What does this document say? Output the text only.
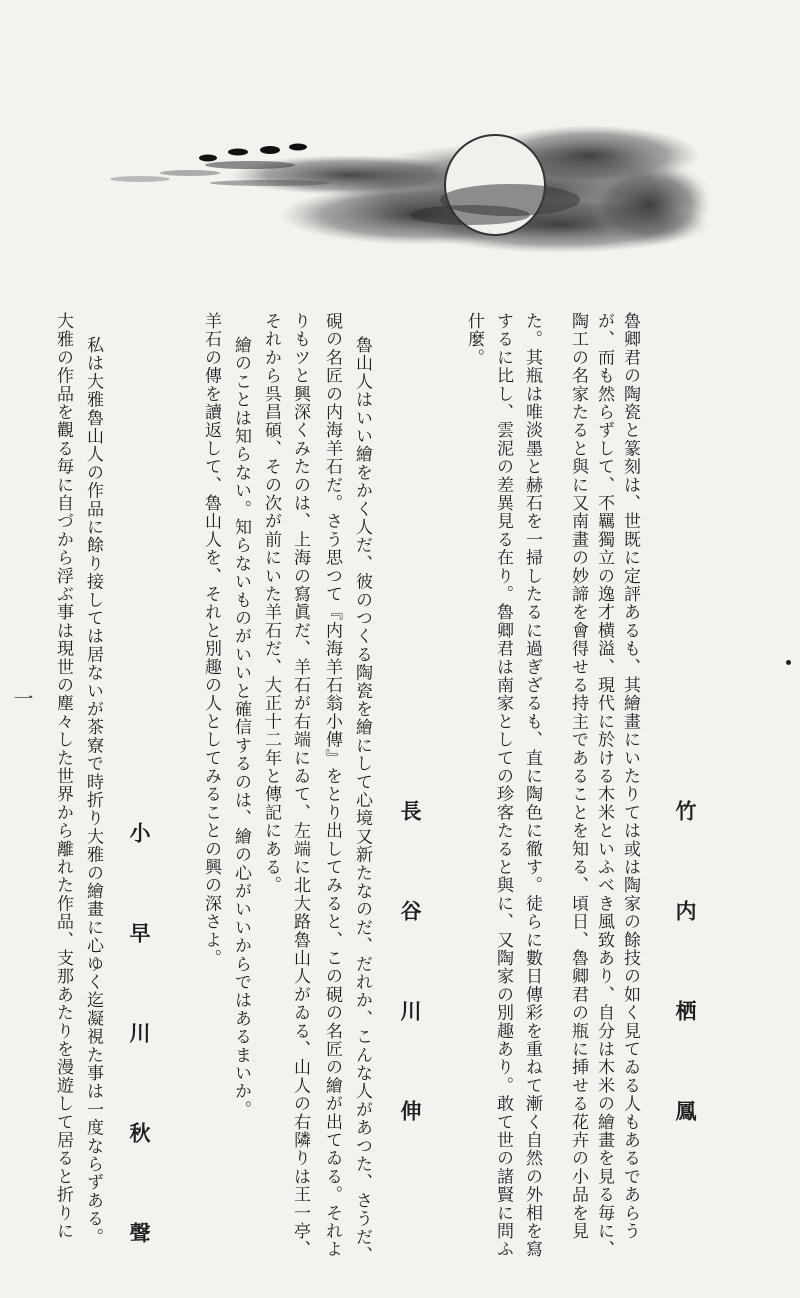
竹 内 栖 鳳
魯卿君の陶瓷と篆刻は、世既に定評あるも、其繪畫にいたりては或は陶家の餘技の如く見てゐる人もあるであらう
が、而も然らずして、不羈獨立の逸才横溢、現代に於ける木米といふべき風致あり、自分は木米の繪畫を見る毎に、
陶工の名家たると與に又南畫の妙諦を會得せる持主であることを知る、頃日、魯卿君の瓶に挿せる花卉の小品を見
た。其瓶は唯淡墨と赫石を一掃したるに過ぎざるも、直に陶色に徹す。徒らに數日傳彩を重ねて漸く自然の外相を寫
するに比し、雲泥の差異見る在り。魯卿君は南家としての珍客たると與に、又陶家の別趣あり。敢て世の諸賢に問ふ
什麼。
長 谷 川 伸
魯山人はいい繪をかく人だ、彼のつくる陶瓷を繪にして心境又新たなのだ、だれか、こんな人があつた、さうだ、
硯の名匠の内海羊石だ。さう思つて『内海羊石翁小傳』をとり出してみると、この硯の名匠の繪が出てゐる。それよ
りもツと興深くみたのは、上海の寫眞だ、羊石が右端にゐて、左端に北大路魯山人がゐる、山人の右隣りは王一亭、
それから呉昌碩、その次が前にいた羊石だ、大正十二年と傳記にある。
繪のことは知らない。知らないものがいいと確信するのは、繪の心がいいからではあるまいか。
羊石の傳を讀返して、魯山人を、それと別趣の人としてみることの興の深さよ。
小 早 川 秋 聲
私は大雅魯山人の作品に餘り接しては居ないが茶寮で時折り大雅の繪畫に心ゆく迄凝視た事は一度ならずある。
大雅の作品を觀る毎に自づから浮ぶ事は現世の塵々した世界から離れた作品、支那あたりを漫遊して居ると折りに
一
